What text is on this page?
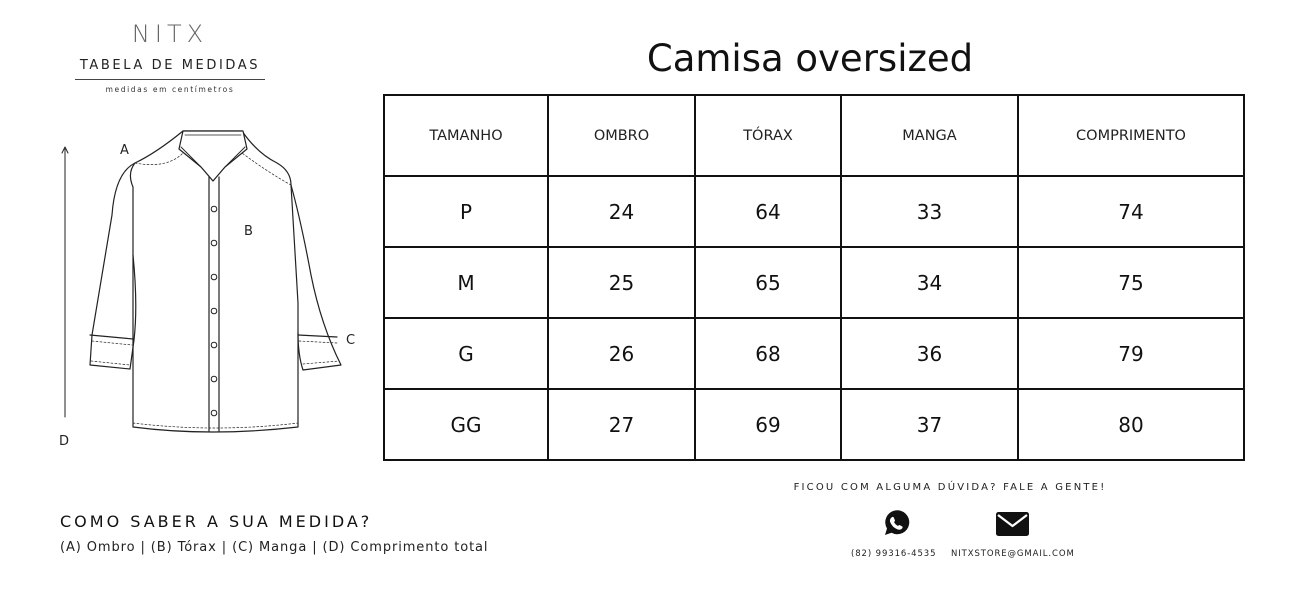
NITX
TABELA DE MEDIDAS
medidas em centímetros
A
B
C
D
Camisa oversized
TAMANHO	OMBRO	TÓRAX	MANGA	COMPRIMENTO
P	24	64	33	74
M	25	65	34	75
G	26	68	36	79
GG	27	69	37	80
COMO SABER A SUA MEDIDA?
(A) Ombro | (B) Tórax | (C) Manga | (D) Comprimento total
FICOU COM ALGUMA DÚVIDA? FALE A GENTE!
(82) 99316-4535 NITXSTORE@GMAIL.COM
